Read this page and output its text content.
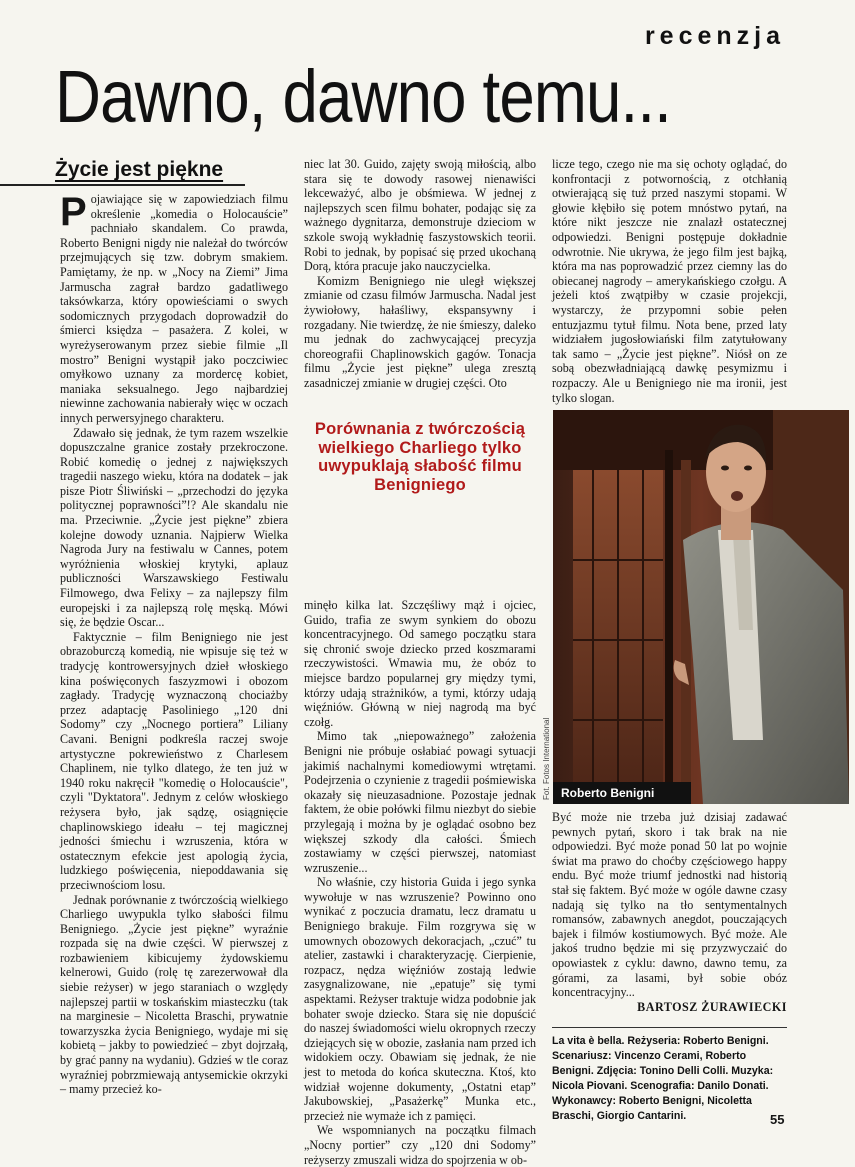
recenzja
Dawno, dawno temu...
Życie jest piękne

Pojawiające się w zapowiedziach filmu określenie „komedia o Holocauście” pachniało skandalem. Co prawda, Roberto Benigni nigdy nie należał do twórców przejmujących się tzw. dobrym smakiem. Pamiętamy, że np. w „Nocy na Ziemi” Jima Jarmuscha zagrał bardzo gadatliwego taksówkarza, który opowieściami o swych sodomicznych przygodach doprowadził do śmierci księdza – pasażera. Z kolei, w wyreżyserowanym przez siebie filmie „Il mostro” Benigni wystąpił jako poczciwiec omyłkowo uznany za mordercę kobiet, maniaka seksualnego. Jego najbardziej niewinne zachowania nabierały więc w oczach innych perwersyjnego charakteru.

Zdawało się jednak, że tym razem wszelkie dopuszczalne granice zostały przekroczone. Robić komedię o jednej z największych tragedii naszego wieku, która na dodatek – jak pisze Piotr Śliwiński – „przechodzi do języka politycznej poprawności”!? Ale skandalu nie ma. Przeciwnie. „Życie jest piękne” zbiera kolejne dowody uznania. Najpierw Wielka Nagroda Jury na festiwalu w Cannes, potem wyróżnienia włoskiej krytyki, aplauz publiczności Warszawskiego Festiwalu Filmowego, dwa Felixy – za najlepszy film europejski i za najlepszą rolę męską. Mówi się, że będzie Oscar...

Faktycznie – film Benigniego nie jest obrazoburczą komedią, nie wpisuje się też w tradycję kontrowersyjnych dzieł włoskiego kina poświęconych faszyzmowi i obozom zagłady. Tradycję wyznaczoną chociażby przez adaptację Pasoliniego „120 dni Sodomy” czy „Nocnego portiera” Liliany Cavani. Benigni podkreśla raczej swoje artystyczne pokrewieństwo z Charlesem Chaplinem, nie tylko dlatego, że ten już w 1940 roku nakręcił "komedię o Holocauście", czyli "Dyktatora". Jednym z celów włoskiego reżysera było, jak sądzę, osiągnięcie chaplinowskiego ideału – tej magicznej jedności śmiechu i wzruszenia, która w ostatecznym efekcie jest apologią życia, ludzkiego poświęcenia, niepoddawania się przeciwnościom losu.

Jednak porównanie z twórczością wielkiego Charliego uwypukla tylko słabości filmu Benigniego. „Życie jest piękne” wyraźnie rozpada się na dwie części. W pierwszej z rozbawieniem kibicujemy żydowskiemu kelnerowi, Guido (rolę tę zarezerwował dla siebie reżyser) w jego staraniach o względy najlepszej partii w toskańskim miasteczku (tak na marginesie – Nicoletta Braschi, prywatnie towarzyszka życia Benigniego, wydaje mi się kobietą – jakby to powiedzieć – zbyt dojrzałą, by grać panny na wydaniu). Gdzieś w tle coraz wyraźniej pobrzmiewają antysemickie okrzyki – mamy przecież ko-

niec lat 30. Guido, zajęty swoją miłością, albo stara się te dowody rasowej nienawiści lekceważyć, albo je obśmiewa. W jednej z najlepszych scen filmu bohater, podając się za ważnego dygnitarza, demonstruje dzieciom w szkole swoją wykładnię faszystowskich teorii. Robi to jednak, by popisać się przed ukochaną Dorą, która pracuje jako nauczycielka.

Komizm Benigniego nie uległ większej zmianie od czasu filmów Jarmuscha. Nadal jest żywiołowy, hałaśliwy, ekspansywny i rozgadany. Nie twierdzę, że nie śmieszy, daleko mu jednak do zachwycającej precyzja choreografii Chaplinowskich gagów. Tonacja filmu „Życie jest piękne” ulega zresztą zasadniczej zmianie w drugiej części. Oto

Porównania z twórczością wielkiego Charliego tylko uwypuklają słabość filmu Benigniego

minęło kilka lat. Szczęśliwy mąż i ojciec, Guido, trafia ze swym synkiem do obozu koncentracyjnego. Od samego początku stara się chronić swoje dziecko przed koszmarami rzeczywistości. Wmawia mu, że obóz to miejsce bardzo popularnej gry między tymi, którzy udają strażników, a tymi, którzy udają więźniów. Główną w niej nagrodą ma być czołg.

Mimo tak „niepoważnego” założenia Benigni nie próbuje osłabiać powagi sytuacji jakimiś nachalnymi komediowymi wtrętami. Podejrzenia o czynienie z tragedii pośmiewiska okazały się nieuzasadnione. Pozostaje jednak faktem, że obie połówki filmu niezbyt do siebie przylegają i można by je oglądać osobno bez większej szkody dla całości. Śmiech zostawiamy w części pierwszej, natomiast wzruszenie...

No właśnie, czy historia Guida i jego synka wywołuje w nas wzruszenie? Powinno ono wynikać z poczucia dramatu, lecz dramatu u Benigniego brakuje. Film rozgrywa się w umownych obozowych dekoracjach, „czuć” tu atelier, zastawki i charakteryzację. Cierpienie, rozpacz, nędza więźniów zostają ledwie zasygnalizowane, nie „epatuje” się tymi aspektami. Reżyser traktuje widza podobnie jak bohater swoje dziecko. Stara się nie dopuścić do naszej świadomości wielu okropnych rzeczy dziejących się w obozie, zasłania nam przed ich widokiem oczy. Obawiam się jednak, że nie jest to metoda do końca skuteczna. Ktoś, kto widział wojenne dokumenty, „Ostatni etap” Jakubowskiej, „Pasażerkę” Munka etc., przecież nie wymaże ich z pamięci.

We wspomnianych na początku filmach „Nocny portier” czy „120 dni Sodomy” reżyserzy zmuszali widza do spojrzenia w ob-

licze tego, czego nie ma się ochoty oglądać, do konfrontacji z potwornością, z otchłanią otwierającą się tuż przed naszymi stopami. W głowie kłębiło się potem mnóstwo pytań, na które nikt jeszcze nie znalazł ostatecznej odpowiedzi. Benigni postępuje dokładnie odwrotnie. Nie ukrywa, że jego film jest bajką, która ma nas poprowadzić przez ciemny las do obiecanej nagrody – amerykańskiego czołgu. A jeżeli ktoś zwątpiłby w czasie projekcji, wystarczy, że przypomni sobie pełen entuzjazmu tytuł filmu. Nota bene, przed laty widziałem jugosłowiański film zatytułowany tak samo – „Życie jest piękne”. Niósł on ze sobą obezwładniającą dawkę pesymizmu i rozpaczy. Ale u Benigniego nie ma ironii, jest tylko slogan.

Roberto Benigni
Fot. Fotos International

Być może nie trzeba już dzisiaj zadawać pewnych pytań, skoro i tak brak na nie odpowiedzi. Być może ponad 50 lat po wojnie świat ma prawo do choćby częściowego happy endu. Być może triumf jednostki nad historią stał się faktem. Być może w ogóle dawne czasy nadają się tylko na tło sentymentalnych romansów, zabawnych anegdot, pouczających bajek i filmów kostiumowych. Być może. Ale jakoś trudno będzie mi się przyzwyczaić do opowiastek z cyklu: dawno, dawno temu, za górami, za lasami, był sobie obóz koncentracyjny...

BARTOSZ ŻURAWIECKI

La vita è bella. Reżyseria: Roberto Benigni. Scenariusz: Vincenzo Cerami, Roberto Benigni. Zdjęcia: Tonino Delli Colli. Muzyka: Nicola Piovani. Scenografia: Danilo Donati. Wykonawcy: Roberto Benigni, Nicoletta Braschi, Giorgio Cantarini.	55
